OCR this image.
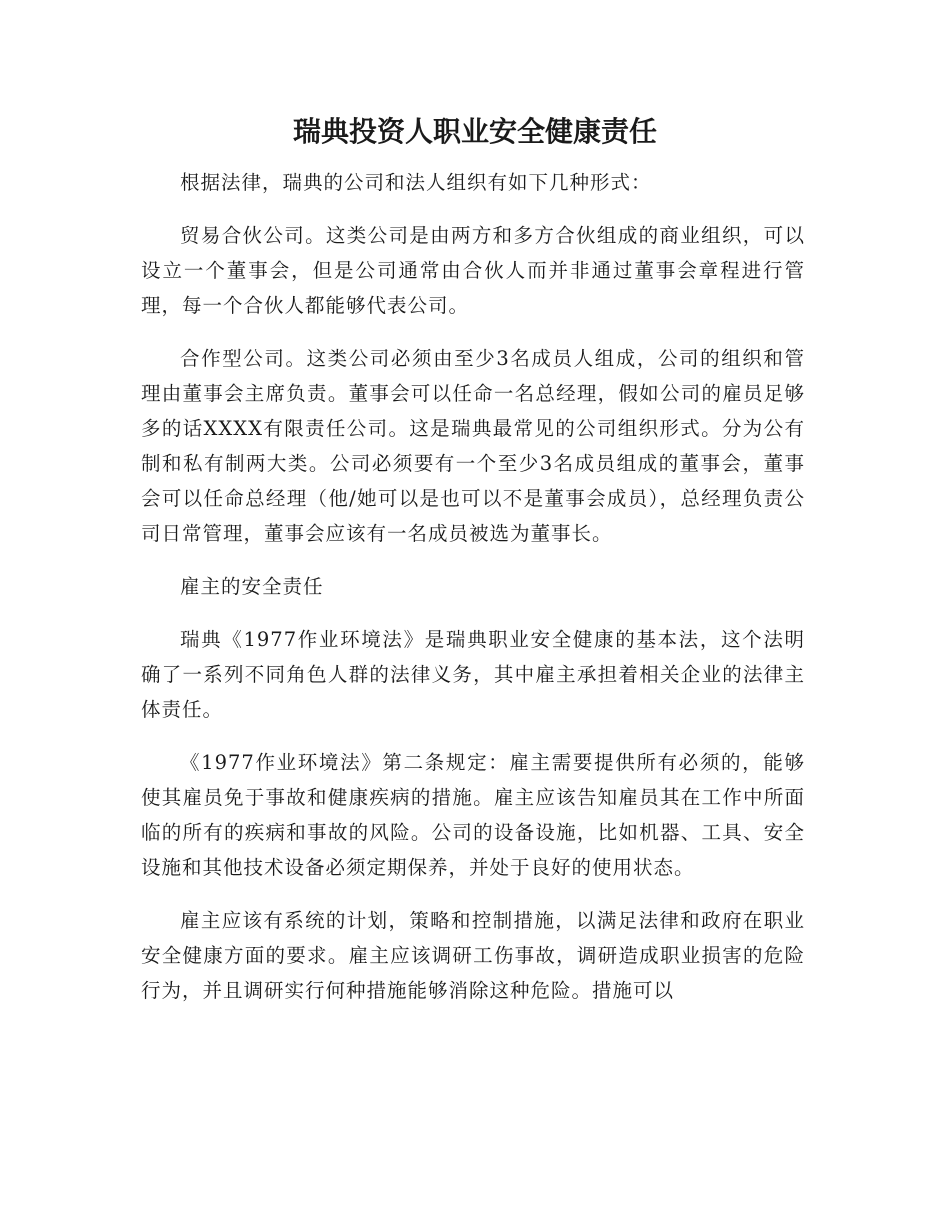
瑞典投资人职业安全健康责任

根据法律，瑞典的公司和法人组织有如下几种形式：

贸易合伙公司。这类公司是由两方和多方合伙组成的商业组织，可以设立一个董事会，但是公司通常由合伙人而并非通过董事会章程进行管理，每一个合伙人都能够代表公司。

合作型公司。这类公司必须由至少3名成员人组成，公司的组织和管理由董事会主席负责。董事会可以任命一名总经理，假如公司的雇员足够多的话XXXX有限责任公司。这是瑞典最常见的公司组织形式。分为公有制和私有制两大类。公司必须要有一个至少3名成员组成的董事会，董事会可以任命总经理（他/她可以是也可以不是董事会成员），总经理负责公司日常管理，董事会应该有一名成员被选为董事长。

雇主的安全责任

瑞典《1977作业环境法》是瑞典职业安全健康的基本法，这个法明确了一系列不同角色人群的法律义务，其中雇主承担着相关企业的法律主体责任。

《1977作业环境法》第二条规定：雇主需要提供所有必须的，能够使其雇员免于事故和健康疾病的措施。雇主应该告知雇员其在工作中所面临的所有的疾病和事故的风险。公司的设备设施，比如机器、工具、安全设施和其他技术设备必须定期保养，并处于良好的使用状态。

雇主应该有系统的计划，策略和控制措施，以满足法律和政府在职业安全健康方面的要求。雇主应该调研工伤事故，调研造成职业损害的危险行为，并且调研实行何种措施能够消除这种危险。措施可以
